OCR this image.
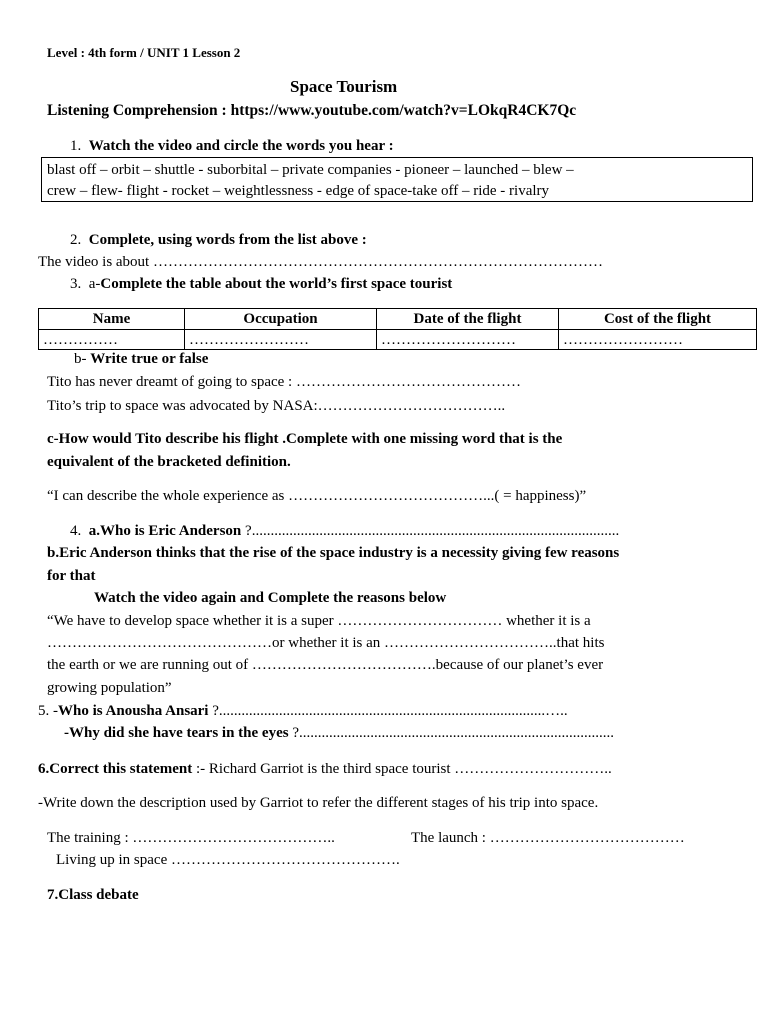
Level : 4th form / UNIT 1 Lesson 2
Space Tourism
Listening Comprehension : https://www.youtube.com/watch?v=LOkqR4CK7Qc
1. Watch the video and circle the words you hear :
blast off – orbit – shuttle - suborbital – private companies - pioneer – launched – blew –
crew – flew- flight - rocket – weightlessness - edge of space-take off – ride - rivalry
2. Complete, using words from the list above :
The video is about ………………………………………………………………………………
3. a-Complete the table about the world’s first space tourist
Name	Occupation	Date of the flight	Cost of the flight
……………	……………………	………………………	……………………
b- Write true or false
Tito has never dreamt of going to space : ………………………………………
Tito’s trip to space was advocated by NASA:………………………………..
c-How would Tito describe his flight .Complete with one missing word that is the
equivalent of the bracketed definition.
“I can describe the whole experience as …………………………………...( = happiness)”
4. a.Who is Eric Anderson ?..................................................................................................
b.Eric Anderson thinks that the rise of the space industry is a necessity giving few reasons
for that
Watch the video again and Complete the reasons below
“We have to develop space whether it is a super …………………………… whether it is a
………………………………………or whether it is an ……………………………..that hits
the earth or we are running out of ……………………………….because of our planet’s ever
growing population”
5. -Who is Anousha Ansari ?.......................................................................................…..
-Why did she have tears in the eyes ?....................................................................................
6.Correct this statement :- Richard Garriot is the third space tourist …………………………..
-Write down the description used by Garriot to refer the different stages of his trip into space.
The training : …………………………………..	The launch : …………………………………
Living up in space ……………………………………….
7.Class debate
